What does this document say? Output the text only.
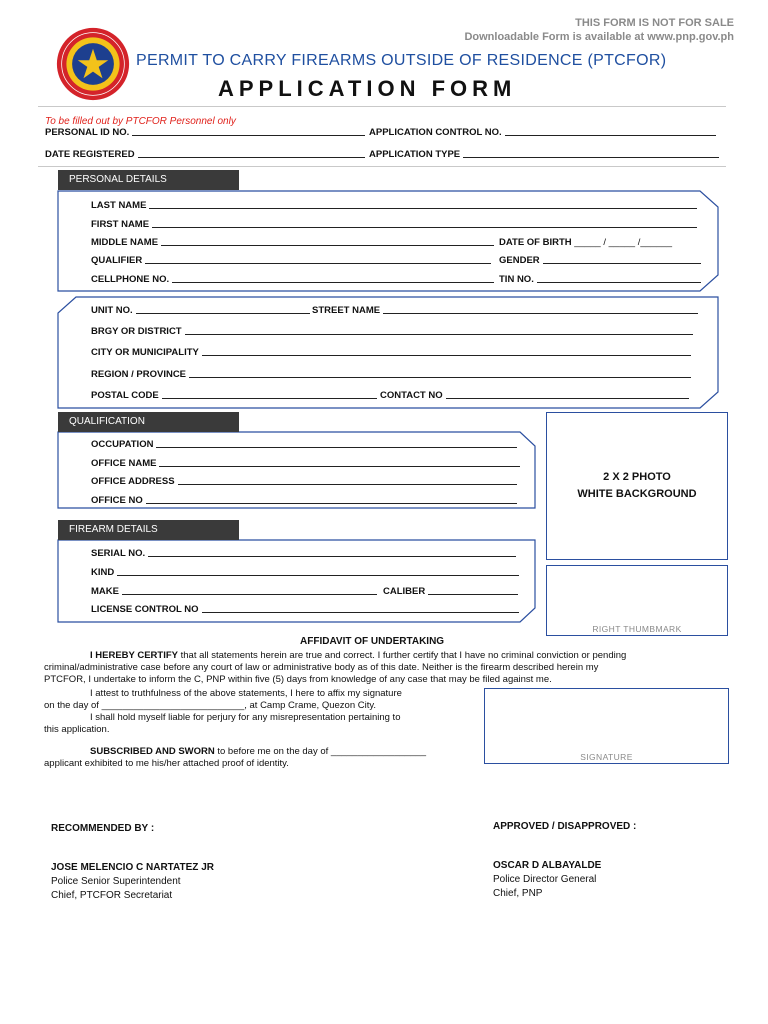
THIS FORM IS NOT FOR SALE
Downloadable Form is available at www.pnp.gov.ph
PERMIT TO CARRY FIREARMS OUTSIDE OF RESIDENCE (PTCFOR)
APPLICATION FORM
To be filled out by PTCFOR Personnel only
PERSONAL ID NO.	APPLICATION CONTROL NO.
DATE REGISTERED	APPLICATION TYPE
PERSONAL DETAILS
LAST NAME
FIRST NAME
MIDDLE NAME	DATE OF BIRTH
_____ / _____ /______
QUALIFIER	GENDER
CELLPHONE NO.	TIN NO.
UNIT NO.	STREET NAME
BRGY OR DISTRICT
CITY OR MUNICIPALITY
REGION / PROVINCE
POSTAL CODE	CONTACT NO
QUALIFICATION
OCCUPATION
OFFICE NAME
OFFICE ADDRESS
OFFICE NO
FIREARM DETAILS
SERIAL NO.
KIND
MAKE	CALIBER
LICENSE CONTROL NO
2 X 2 PHOTO
WHITE BACKGROUND
RIGHT THUMBMARK
SIGNATURE
AFFIDAVIT OF UNDERTAKING
I HEREBY CERTIFY that all statements herein are true and correct. I further certify that I have no criminal conviction or pending
criminal/administrative case before any court of law or administrative body as of this date. Neither is the firearm described herein my
PTCFOR, I undertake to inform the C, PNP within five (5) days from knowledge of any case that may be filed against me.
I attest to truthfulness of the above statements, I here to affix my signature
on the day of ___________________________, at Camp Crame, Quezon City.
I shall hold myself liable for perjury for any misrepresentation pertaining to
this application.
SUBSCRIBED AND SWORN to before me on the day of __________________
applicant exhibited to me his/her attached proof of identity.
RECOMMENDED BY :	APPROVED / DISAPPROVED :
JOSE MELENCIO C NARTATEZ JR
Police Senior Superintendent
Chief, PTCFOR Secretariat
OSCAR D ALBAYALDE
Police Director General
Chief, PNP
